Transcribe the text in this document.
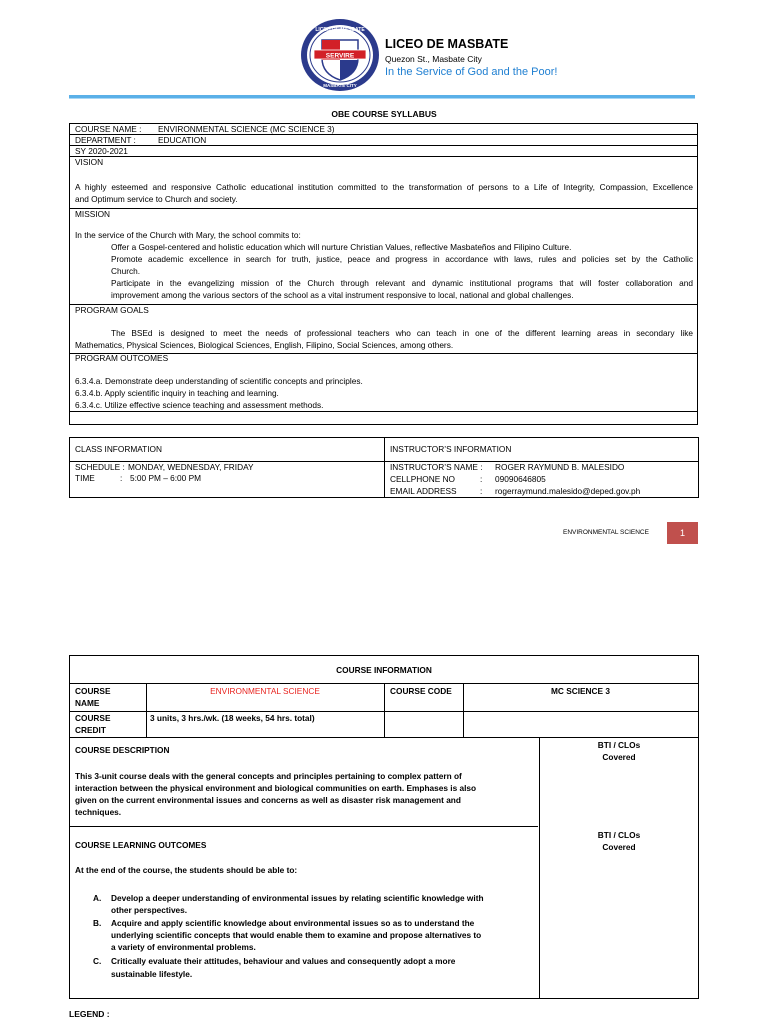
SERVIRE
LICEO DE MASBATE
MASBATE CITY
LICEO DE MASBATE
Quezon St., Masbate City
In the Service of God and the Poor!
OBE COURSE SYLLABUS
COURSE NAME : ENVIRONMENTAL SCIENCE (MC SCIENCE 3)
DEPARTMENT :	EDUCATION
SY 2020-2021
VISION
A highly esteemed and responsive Catholic educational institution committed to the transformation of persons to a Life of Integrity, Compassion, Excellence
and Optimum service to Church and society.
MISSION
In the service of the Church with Mary, the school commits to:
Offer a Gospel-centered and holistic education which will nurture Christian Values, reflective Masbateños and Filipino Culture.
Promote academic excellence in search for truth, justice, peace and progress in accordance with laws, rules and policies set by the Catholic
Church.
Participate in the evangelizing mission of the Church through relevant and dynamic institutional programs that will foster collaboration and
improvement among the various sectors of the school as a vital instrument responsive to local, national and global challenges.
PROGRAM GOALS
The BSEd is designed to meet the needs of professional teachers who can teach in one of the different learning areas in secondary like
Mathematics, Physical Sciences, Biological Sciences, English, Filipino, Social Sciences, among others.
PROGRAM OUTCOMES
6.3.4.a. Demonstrate deep understanding of scientific concepts and principles.
6.3.4.b. Apply scientific inquiry in teaching and learning.
6.3.4.c. Utilize effective science teaching and assessment methods.
CLASS INFORMATION
SCHEDULE : MONDAY, WEDNESDAY, FRIDAY
TIME	: 5:00 PM – 6:00 PM
INSTRUCTOR’S INFORMATION
INSTRUCTOR’S NAME : ROGER RAYMUND B. MALESIDO
CELLPHONE NO	: 09090646805
EMAIL ADDRESS	: rogerraymund.malesido@deped.gov.ph
ENVIRONMENTAL SCIENCE	1
COURSE INFORMATION
COURSE
NAME
ENVIRONMENTAL SCIENCE	COURSE CODE	MC SCIENCE 3
COURSE
CREDIT
3 units, 3 hrs./wk. (18 weeks, 54 hrs. total)
COURSE DESCRIPTION	BTI / CLOs
Covered
This 3-unit course deals with the general concepts and principles pertaining to complex pattern of
interaction between the physical environment and biological communities on earth. Emphases is also
given on the current environmental issues and concerns as well as disaster risk management and
techniques.
COURSE LEARNING OUTCOMES
BTI / CLOs
Covered
At the end of the course, the students should be able to:
A. Develop a deeper understanding of environmental issues by relating scientific knowledge with
other perspectives.
B. Acquire and apply scientific knowledge about environmental issues so as to understand the
underlying scientific concepts that would enable them to examine and propose alternatives to
a variety of environmental problems.
C. Critically evaluate their attitudes, behaviour and values and consequently adopt a more
sustainable lifestyle.
LEGEND :
